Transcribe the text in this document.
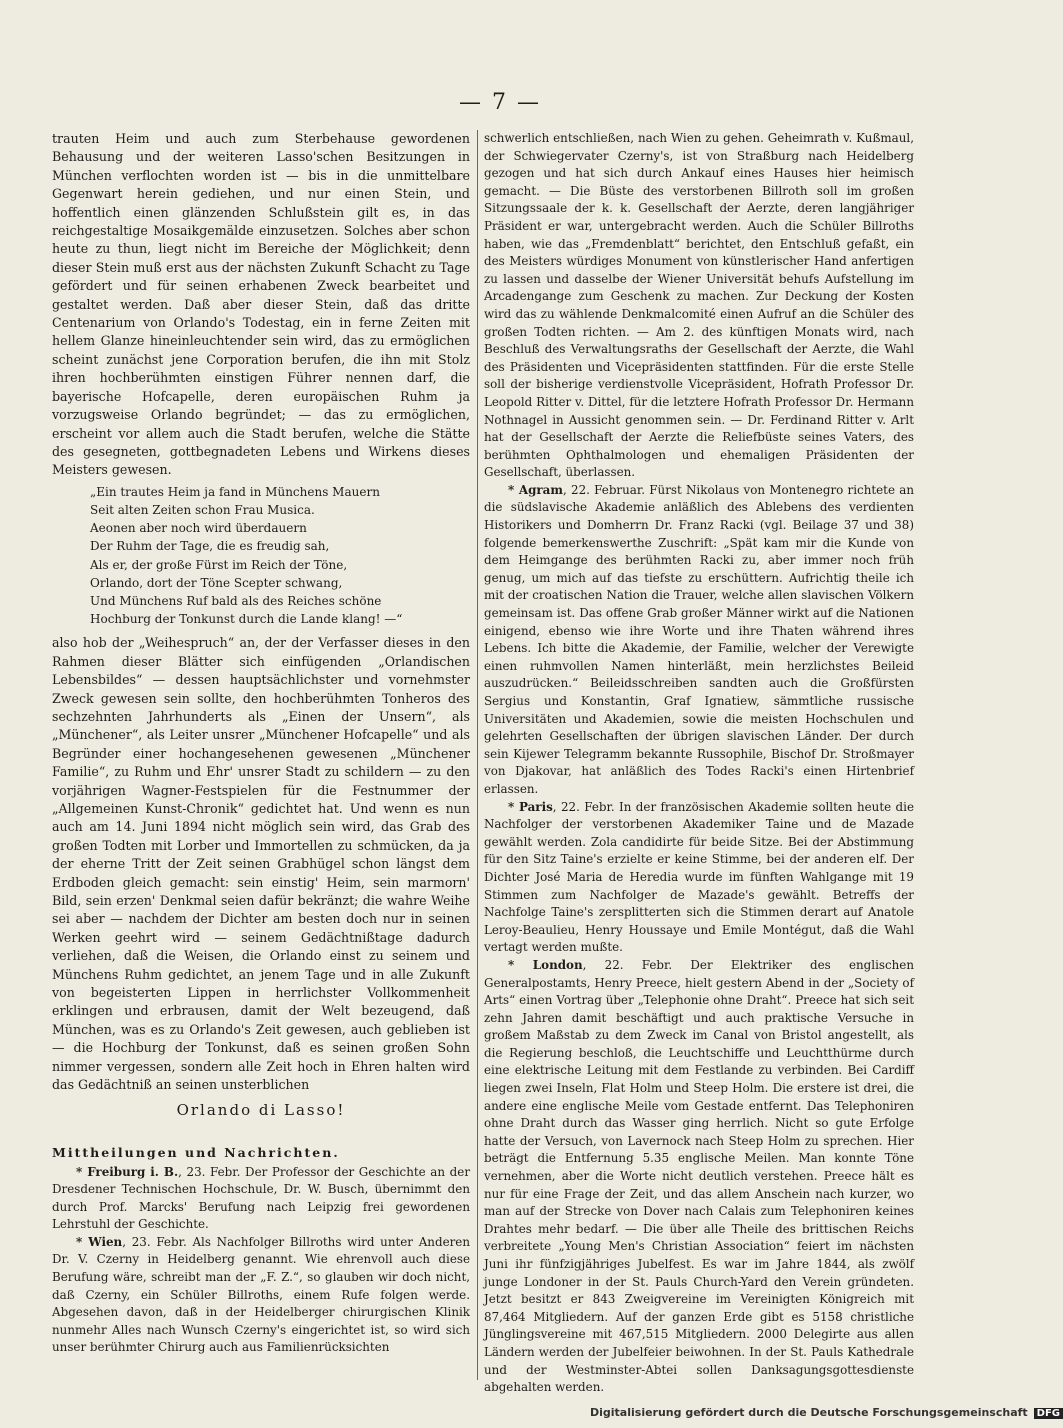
— 7 —

trauten Heim und auch zum Sterbehause gewordenen Behausung und der weiteren Lasso'schen Besitzungen in München verflochten worden ist — bis in die unmittelbare Gegenwart herein gediehen, und nur einen Stein, und hoffentlich einen glänzenden Schlußstein gilt es, in das reichgestaltige Mosaikgemälde einzusetzen. Solches aber schon heute zu thun, liegt nicht im Bereiche der Möglichkeit; denn dieser Stein muß erst aus der nächsten Zukunft Schacht zu Tage gefördert und für seinen erhabenen Zweck bearbeitet und gestaltet werden. Daß aber dieser Stein, daß das dritte Centenarium von Orlando's Todestag, ein in ferne Zeiten mit hellem Glanze hineinleuchtender sein wird, das zu ermöglichen scheint zunächst jene Corporation berufen, die ihn mit Stolz ihren hochberühmten einstigen Führer nennen darf, die bayerische Hofcapelle, deren europäischen Ruhm ja vorzugsweise Orlando begründet; — das zu ermöglichen, erscheint vor allem auch die Stadt berufen, welche die Stätte des gesegneten, gottbegnadeten Lebens und Wirkens dieses Meisters gewesen.

„Ein trautes Heim ja fand in Münchens Mauern
Seit alten Zeiten schon Frau Musica.
Aeonen aber noch wird überdauern
Der Ruhm der Tage, die es freudig sah,
Als er, der große Fürst im Reich der Töne,
Orlando, dort der Töne Scepter schwang,
Und Münchens Ruf bald als des Reiches schöne
Hochburg der Tonkunst durch die Lande klang! —“

also hob der „Weihespruch“ an, der der Verfasser dieses in den Rahmen dieser Blätter sich einfügenden „Orlandischen Lebensbildes“ — dessen hauptsächlichster und vornehmster Zweck gewesen sein sollte, den hochberühmten Tonheros des sechzehnten Jahrhunderts als „Einen der Unsern“, als „Münchener“, als Leiter unsrer „Münchener Hofcapelle“ und als Begründer einer hochangesehenen gewesenen „Münchener Familie“, zu Ruhm und Ehr' unsrer Stadt zu schildern — zu den vorjährigen Wagner-Festspielen für die Festnummer der „Allgemeinen Kunst-Chronik“ gedichtet hat. Und wenn es nun auch am 14. Juni 1894 nicht möglich sein wird, das Grab des großen Todten mit Lorber und Immortellen zu schmücken, da ja der eherne Tritt der Zeit seinen Grabhügel schon längst dem Erdboden gleich gemacht: sein einstig' Heim, sein marmorn' Bild, sein erzen' Denkmal seien dafür bekränzt; die wahre Weihe sei aber — nachdem der Dichter am besten doch nur in seinen Werken geehrt wird — seinem Gedächtnißtage dadurch verliehen, daß die Weisen, die Orlando einst zu seinem und Münchens Ruhm gedichtet, an jenem Tage und in alle Zukunft von begeisterten Lippen in herrlichster Vollkommenheit erklingen und erbrausen, damit der Welt bezeugend, daß München, was es zu Orlando's Zeit gewesen, auch geblieben ist — die Hochburg der Tonkunst, daß es seinen großen Sohn nimmer vergessen, sondern alle Zeit hoch in Ehren halten wird das Gedächtniß an seinen unsterblichen

Orlando di Lasso!
Mittheilungen und Nachrichten.

* Freiburg i. B., 23. Febr. Der Professor der Geschichte an der Dresdener Technischen Hochschule, Dr. W. Busch, übernimmt den durch Prof. Marcks' Berufung nach Leipzig frei gewordenen Lehrstuhl der Geschichte.

* Wien, 23. Febr. Als Nachfolger Billroths wird unter Anderen Dr. V. Czerny in Heidelberg genannt. Wie ehrenvoll auch diese Berufung wäre, schreibt man der „F. Z.“, so glauben wir doch nicht, daß Czerny, ein Schüler Billroths, einem Rufe folgen werde. Abgesehen davon, daß in der Heidelberger chirurgischen Klinik nunmehr Alles nach Wunsch Czerny's eingerichtet ist, so wird sich unser berühmter Chirurg auch aus Familienrücksichten

schwerlich entschließen, nach Wien zu gehen. Geheimrath v. Kußmaul, der Schwiegervater Czerny's, ist von Straßburg nach Heidelberg gezogen und hat sich durch Ankauf eines Hauses hier heimisch gemacht. — Die Büste des verstorbenen Billroth soll im großen Sitzungssaale der k. k. Gesellschaft der Aerzte, deren langjähriger Präsident er war, untergebracht werden. Auch die Schüler Billroths haben, wie das „Fremdenblatt“ berichtet, den Entschluß gefaßt, ein des Meisters würdiges Monument von künstlerischer Hand anfertigen zu lassen und dasselbe der Wiener Universität behufs Aufstellung im Arcadengange zum Geschenk zu machen. Zur Deckung der Kosten wird das zu wählende Denkmalcomité einen Aufruf an die Schüler des großen Todten richten. — Am 2. des künftigen Monats wird, nach Beschluß des Verwaltungsraths der Gesellschaft der Aerzte, die Wahl des Präsidenten und Vicepräsidenten stattfinden. Für die erste Stelle soll der bisherige verdienstvolle Vicepräsident, Hofrath Professor Dr. Leopold Ritter v. Dittel, für die letztere Hofrath Professor Dr. Hermann Nothnagel in Aussicht genommen sein. — Dr. Ferdinand Ritter v. Arlt hat der Gesellschaft der Aerzte die Reliefbüste seines Vaters, des berühmten Ophthalmologen und ehemaligen Präsidenten der Gesellschaft, überlassen.

* Agram, 22. Februar. Fürst Nikolaus von Montenegro richtete an die südslavische Akademie anläßlich des Ablebens des verdienten Historikers und Domherrn Dr. Franz Racki (vgl. Beilage 37 und 38) folgende bemerkenswerthe Zuschrift: „Spät kam mir die Kunde von dem Heimgange des berühmten Racki zu, aber immer noch früh genug, um mich auf das tiefste zu erschüttern. Aufrichtig theile ich mit der croatischen Nation die Trauer, welche allen slavischen Völkern gemeinsam ist. Das offene Grab großer Männer wirkt auf die Nationen einigend, ebenso wie ihre Worte und ihre Thaten während ihres Lebens. Ich bitte die Akademie, der Familie, welcher der Verewigte einen ruhmvollen Namen hinterläßt, mein herzlichstes Beileid auszudrücken.“ Beileidsschreiben sandten auch die Großfürsten Sergius und Konstantin, Graf Ignatiew, sämmtliche russische Universitäten und Akademien, sowie die meisten Hochschulen und gelehrten Gesellschaften der übrigen slavischen Länder. Der durch sein Kijewer Telegramm bekannte Russophile, Bischof Dr. Stroßmayer von Djakovar, hat anläßlich des Todes Racki's einen Hirtenbrief erlassen.

* Paris, 22. Febr. In der französischen Akademie sollten heute die Nachfolger der verstorbenen Akademiker Taine und de Mazade gewählt werden. Zola candidirte für beide Sitze. Bei der Abstimmung für den Sitz Taine's erzielte er keine Stimme, bei der anderen elf. Der Dichter José Maria de Heredia wurde im fünften Wahlgange mit 19 Stimmen zum Nachfolger de Mazade's gewählt. Betreffs der Nachfolge Taine's zersplitterten sich die Stimmen derart auf Anatole Leroy-Beaulieu, Henry Houssaye und Emile Montégut, daß die Wahl vertagt werden mußte.

* London, 22. Febr. Der Elektriker des englischen Generalpostamts, Henry Preece, hielt gestern Abend in der „Society of Arts“ einen Vortrag über „Telephonie ohne Draht“. Preece hat sich seit zehn Jahren damit beschäftigt und auch praktische Versuche in großem Maßstab zu dem Zweck im Canal von Bristol angestellt, als die Regierung beschloß, die Leuchtschiffe und Leuchtthürme durch eine elektrische Leitung mit dem Festlande zu verbinden. Bei Cardiff liegen zwei Inseln, Flat Holm und Steep Holm. Die erstere ist drei, die andere eine englische Meile vom Gestade entfernt. Das Telephoniren ohne Draht durch das Wasser ging herrlich. Nicht so gute Erfolge hatte der Versuch, von Lavernock nach Steep Holm zu sprechen. Hier beträgt die Entfernung 5.35 englische Meilen. Man konnte Töne vernehmen, aber die Worte nicht deutlich verstehen. Preece hält es nur für eine Frage der Zeit, und das allem Anschein nach kurzer, wo man auf der Strecke von Dover nach Calais zum Telephoniren keines Drahtes mehr bedarf. — Die über alle Theile des brittischen Reichs verbreitete „Young Men's Christian Association“ feiert im nächsten Juni ihr fünfzigjähriges Jubelfest. Es war im Jahre 1844, als zwölf junge Londoner in der St. Pauls Church-Yard den Verein gründeten. Jetzt besitzt er 843 Zweigvereine im Vereinigten Königreich mit 87,464 Mitgliedern. Auf der ganzen Erde gibt es 5158 christliche Jünglingsvereine mit 467,515 Mitgliedern. 2000 Delegirte aus allen Ländern werden der Jubelfeier beiwohnen. In der St. Pauls Kathedrale und der Westminster-Abtei sollen Danksagungsgottesdienste abgehalten werden.

Digitalisierung gefördert durch die Deutsche Forschungsgemeinschaft DFG
